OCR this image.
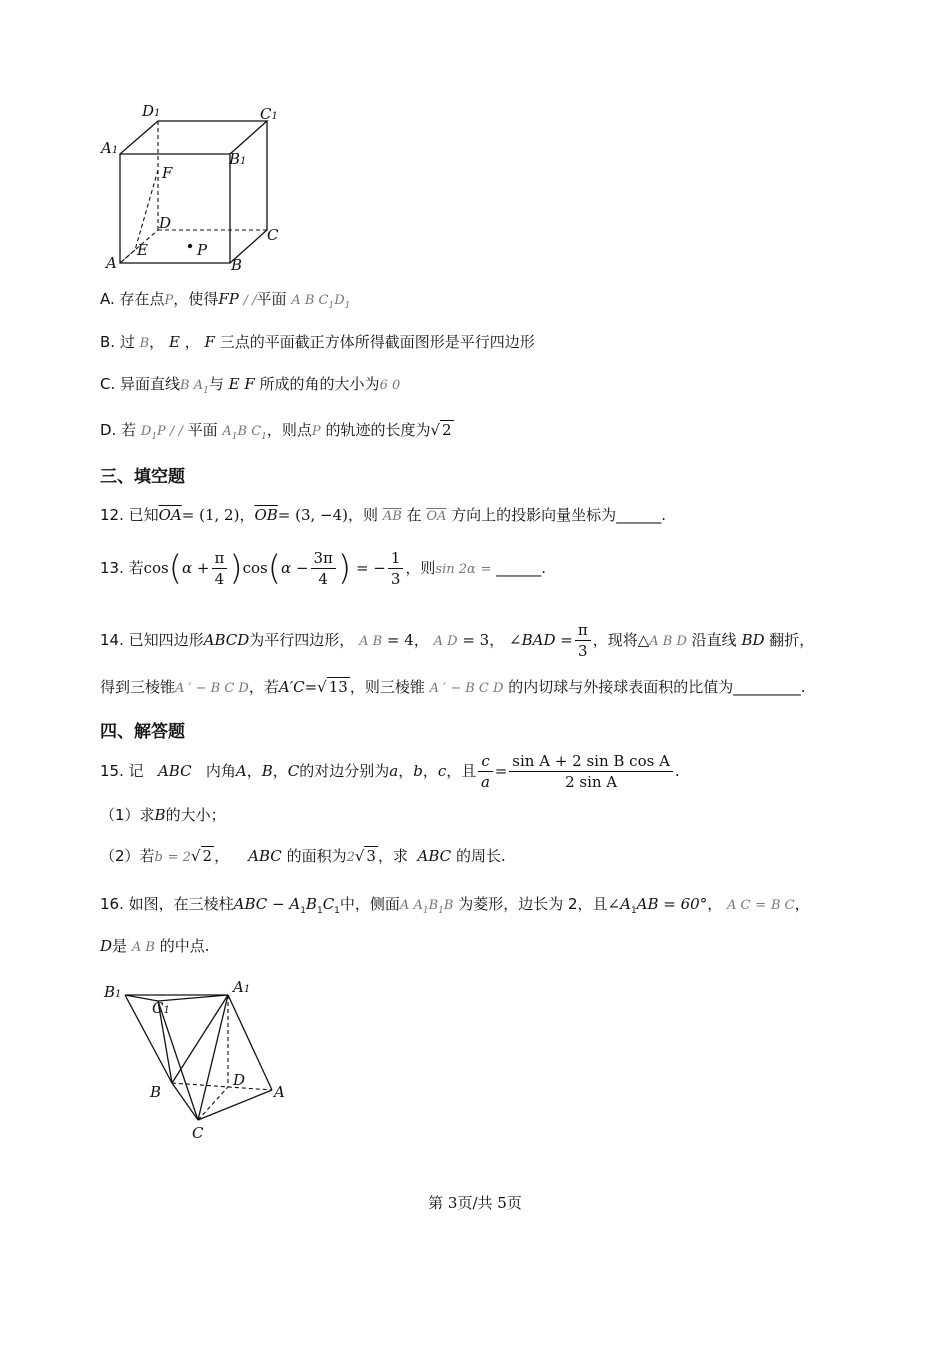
D1	C1
A1	B1
F
D
C
A
E	P
B
A. 存在点P，使得FP / /平面 A B $C_1D_1$
B. 过 B， E ， F 三点的平面截正方体所得截面图形是平行四边形
C. 异面直线B $A_1$与 E F 所成的角的大小为6 0
D. 若 $D_1P$ / / 平面 $A_1B$ $C_1$，则点P 的轨迹的长度为√ 2
三、填空题
12. 已知$\overline{OA}= (1$, 2)，$\overline{OB}= (3$, −4)，则 $\overline{AB}$ 在 $\overline{OA}$ 方向上的投影向量坐标为______.
13. 若$\cos(\alpha + \frac{\pi}{4} )\cos(\alpha - \frac{3\pi}{4}$ ) = − $\frac{1}{3}$ ，则sin 2α = ______.
14. 已知四边形ABCD为平行四边形， A B = 4， A D = 3， ∠BAD = $\frac{\pi}{3}$ ，现将△A B D 沿直线 BD 翻折，
得到三棱锥A ′ − B C D，若A′C=√ 13 ，则三棱锥 A ′ − B C D 的内切球与外接球表面积的比值为_________.
四、解答题
15. 记 ABC 内角A，B，C的对边分别为a，b，c，且 $\frac{c}{a} = \frac{\text{sin A + 2 sin B cos A}}{\text{2 sin A}}$ .
（1）求B的大小；
（2）若b = 2√ 2 ， ABC 的面积为2√ 3 ，求 ABC 的周长.
16. 如图，在三棱柱ABC − $A_1B_1C_1$中，侧面A $A_1B_1B$ 为菱形，边长为 2，且$\angle A_1AB = 60^\circ$， A C = B C，
D是 A B 的中点.
B1	A1
C1
D
B	A
C
第 3页/共 5页
